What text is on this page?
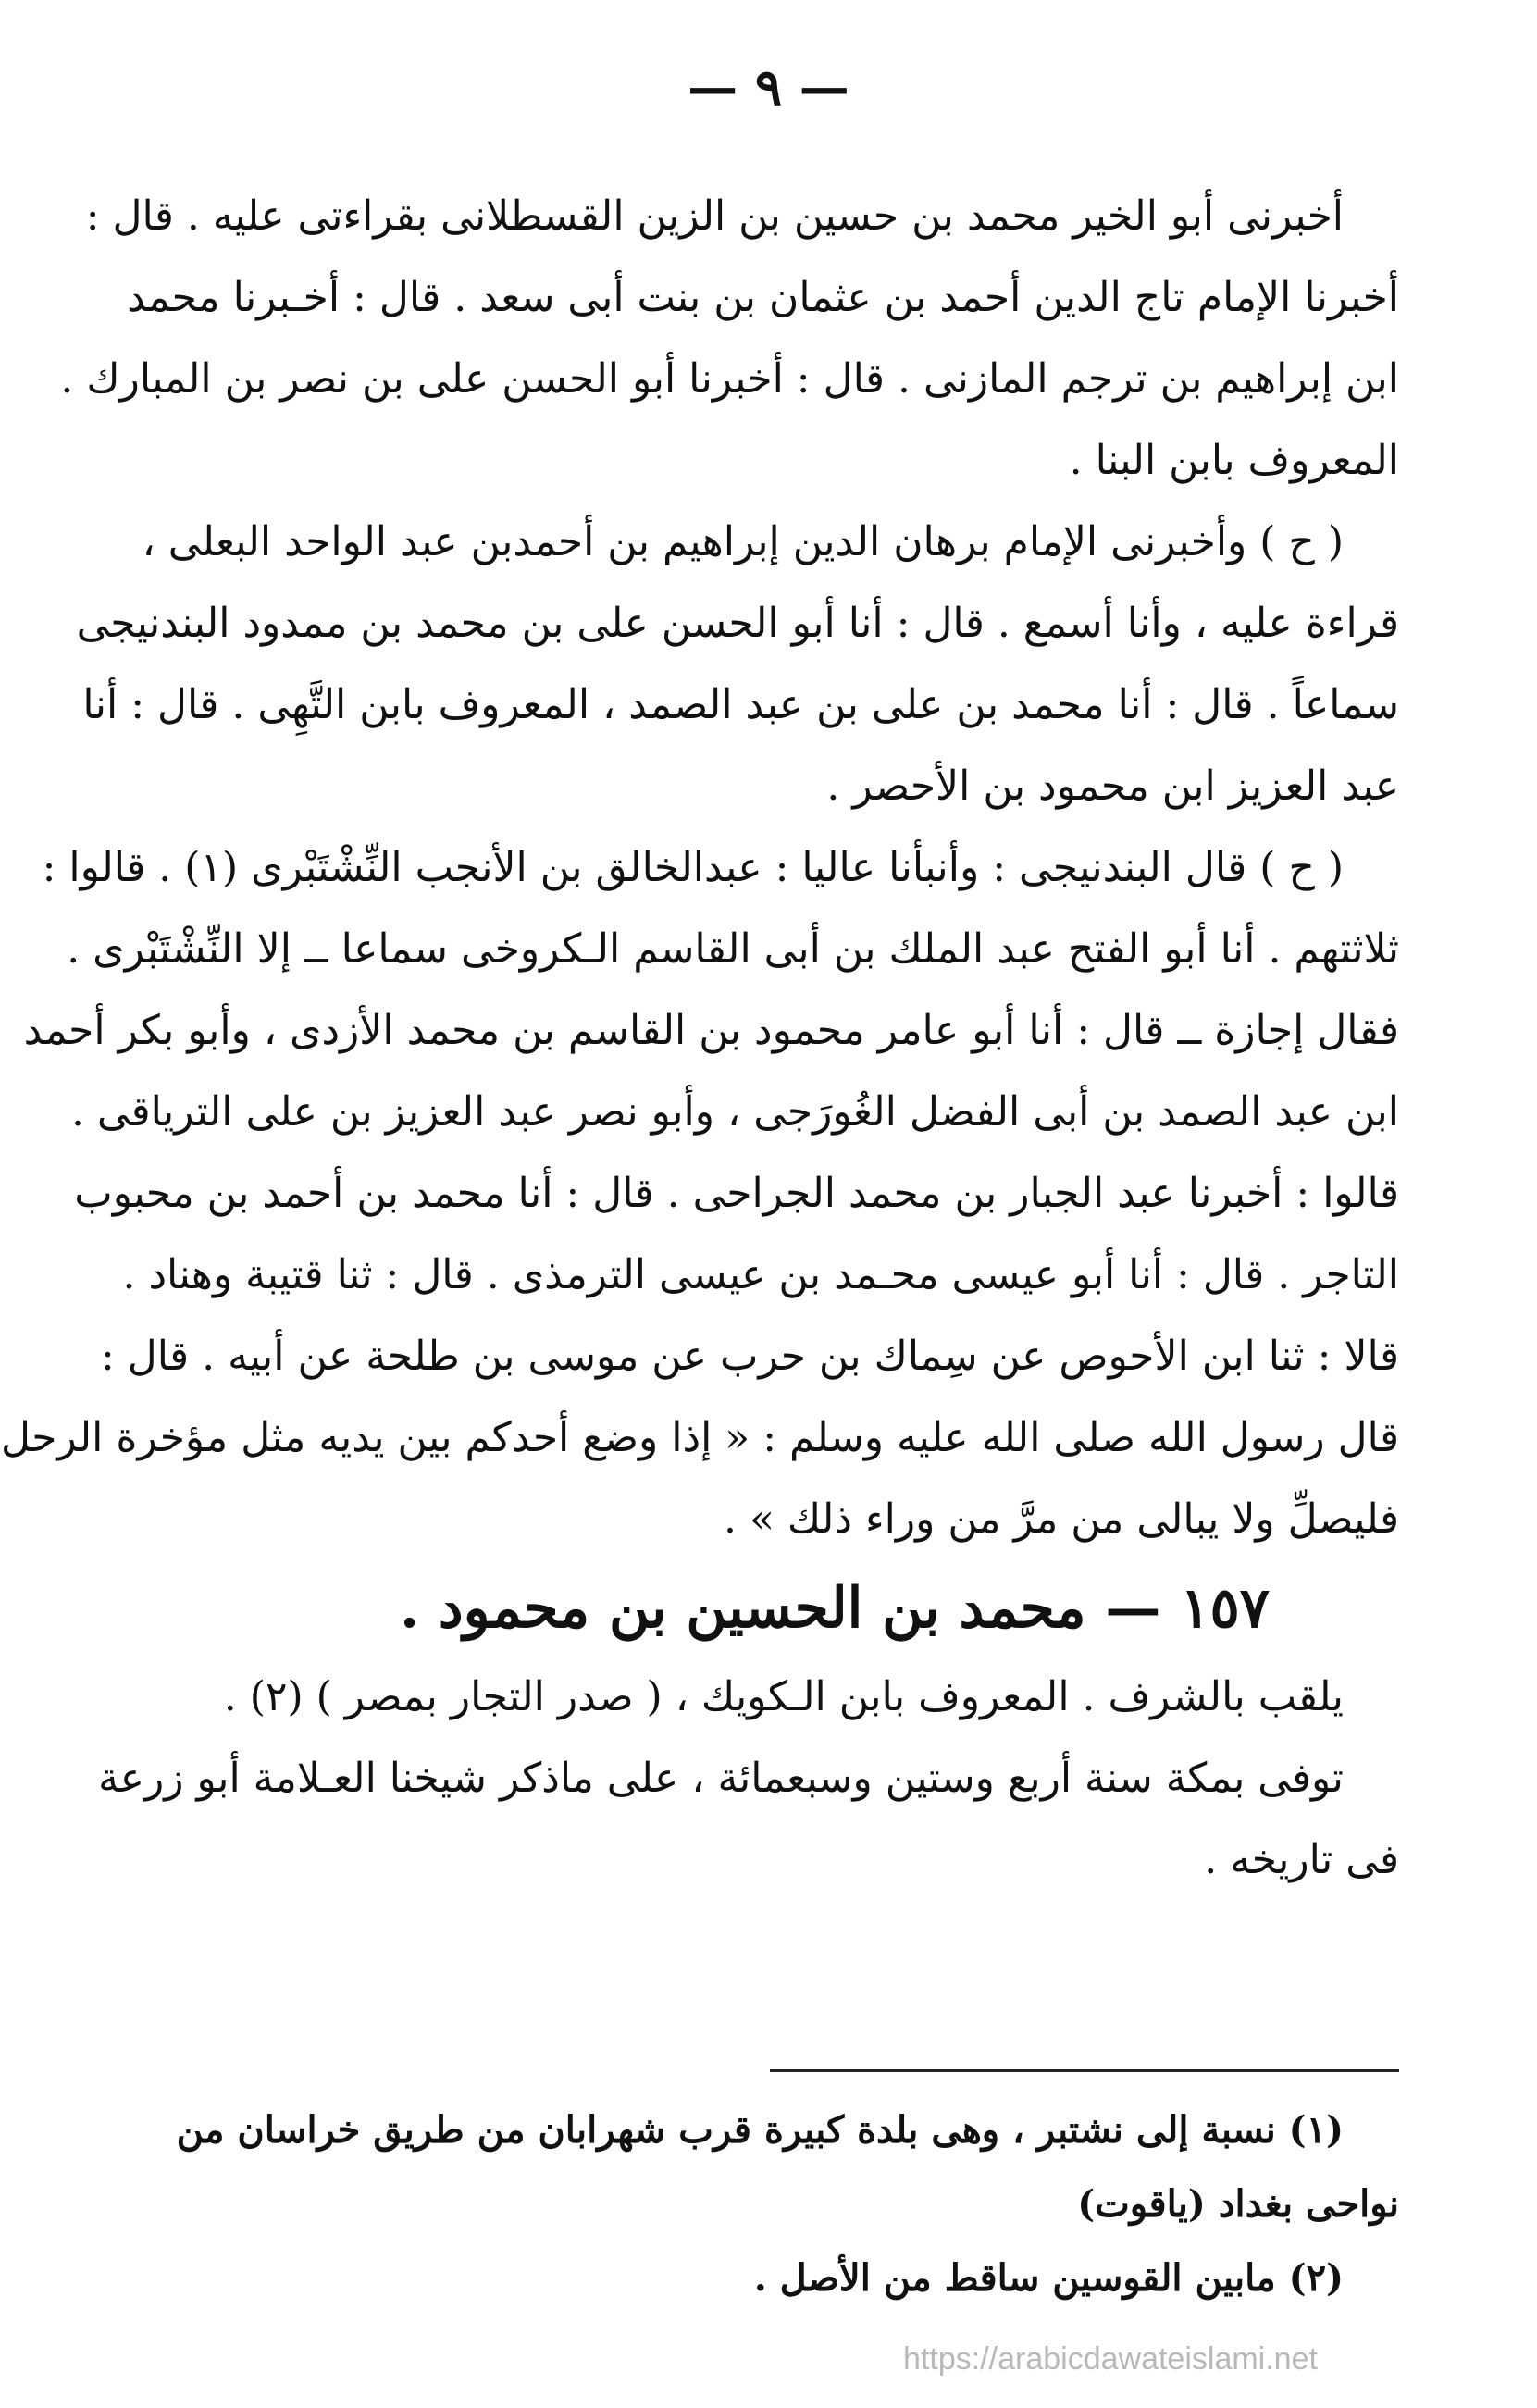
— ٩ —
أخبرنى أبو الخير محمد بن حسين بن الزين القسطلانى بقراءتى عليه . قال :
أخبرنا الإمام تاج الدين أحمد بن عثمان بن بنت أبى سعد . قال : أخـبرنا محمد
ابن إبراهيم بن ترجم المازنى . قال : أخبرنا أبو الحسن على بن نصر بن المبارك .
المعروف بابن البنا .
( ح ) وأخبرنى الإمام برهان الدين إبراهيم بن أحمدبن عبد الواحد البعلى ،
قراءة عليه ، وأنا أسمع . قال : أنا أبو الحسن على بن محمد بن ممدود البندنيجى
سماعاً . قال : أنا محمد بن على بن عبد الصمد ، المعروف بابن التَّهِى . قال : أنا
عبد العزيز ابن محمود بن الأحصر .
( ح ) قال البندنيجى : وأنبأنا عاليا : عبدالخالق بن الأنجب النِّشْتَبْرى (١) . قالوا :
ثلاثتهم . أنا أبو الفتح عبد الملك بن أبى القاسم الـكروخى سماعا ــ إلا النِّشْتَبْرى .
فقال إجازة ــ قال : أنا أبو عامر محمود بن القاسم بن محمد الأزدى ، وأبو بكر أحمد
ابن عبد الصمد بن أبى الفضل الغُورَجى ، وأبو نصر عبد العزيز بن على الترياقى .
قالوا : أخبرنا عبد الجبار بن محمد الجراحى . قال : أنا محمد بن أحمد بن محبوب
التاجر . قال : أنا أبو عيسى محـمد بن عيسى الترمذى . قال : ثنا قتيبة وهناد .
قالا : ثنا ابن الأحوص عن سِماك بن حرب عن موسى بن طلحة عن أبيه . قال :
قال رسول الله صلى الله عليه وسلم : « إذا وضع أحدكم بين يديه مثل مؤخرة الرحل
فليصلِّ ولا يبالى من مرَّ من وراء ذلك » .
١٥٧ — محمد بن الحسين بن محمود .
يلقب بالشرف . المعروف بابن الـكويك ، ( صدر التجار بمصر ) (٢) .
توفى بمكة سنة أربع وستين وسبعمائة ، على ماذكر شيخنا العـلامة أبو زرعة
فى تاريخه .
(١) نسبة إلى نشتبر ، وهى بلدة كبيرة قرب شهرابان من طريق خراسان من
نواحى بغداد (ياقوت)
(٢) مابين القوسين ساقط من الأصل .
https://arabicdawateislami.net
